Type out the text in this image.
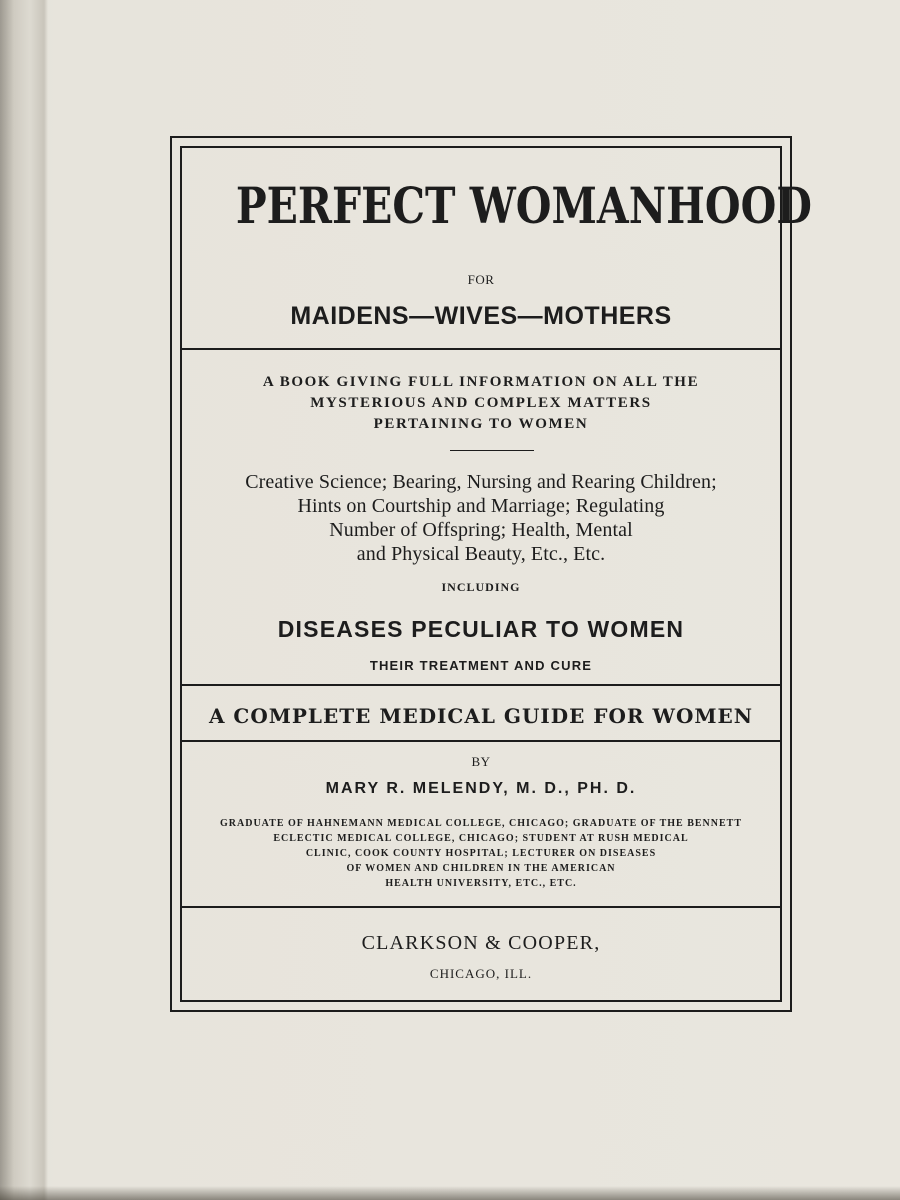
PERFECT WOMANHOOD
FOR
MAIDENS—WIVES—MOTHERS
A BOOK GIVING FULL INFORMATION ON ALL THE
MYSTERIOUS AND COMPLEX MATTERS
PERTAINING TO WOMEN
Creative Science; Bearing, Nursing and Rearing Children;
Hints on Courtship and Marriage; Regulating
Number of Offspring; Health, Mental
and Physical Beauty, Etc., Etc.
INCLUDING
DISEASES PECULIAR TO WOMEN
THEIR TREATMENT AND CURE
A COMPLETE MEDICAL GUIDE FOR WOMEN
BY
MARY R. MELENDY, M. D., PH. D.
GRADUATE OF HAHNEMANN MEDICAL COLLEGE, CHICAGO; GRADUATE OF THE BENNETT
ECLECTIC MEDICAL COLLEGE, CHICAGO; STUDENT AT RUSH MEDICAL
CLINIC, COOK COUNTY HOSPITAL; LECTURER ON DISEASES
OF WOMEN AND CHILDREN IN THE AMERICAN
HEALTH UNIVERSITY, ETC., ETC.
CLARKSON & COOPER,
CHICAGO, ILL.
